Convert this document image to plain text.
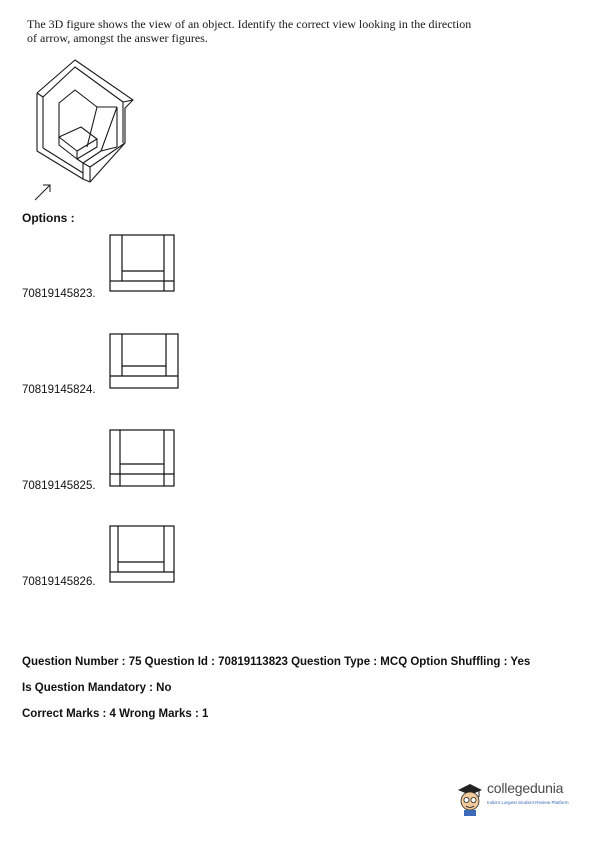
The 3D figure shows the view of an object. Identify the correct view looking in the direction
of arrow, amongst the answer figures.
Options :
70819145823.
70819145824.
70819145825.
70819145826.
Question Number : 75 Question Id : 70819113823 Question Type : MCQ Option Shuffling : Yes
Is Question Mandatory : No
Correct Marks : 4 Wrong Marks : 1
collegedunia
India's Largest Student Review Platform
